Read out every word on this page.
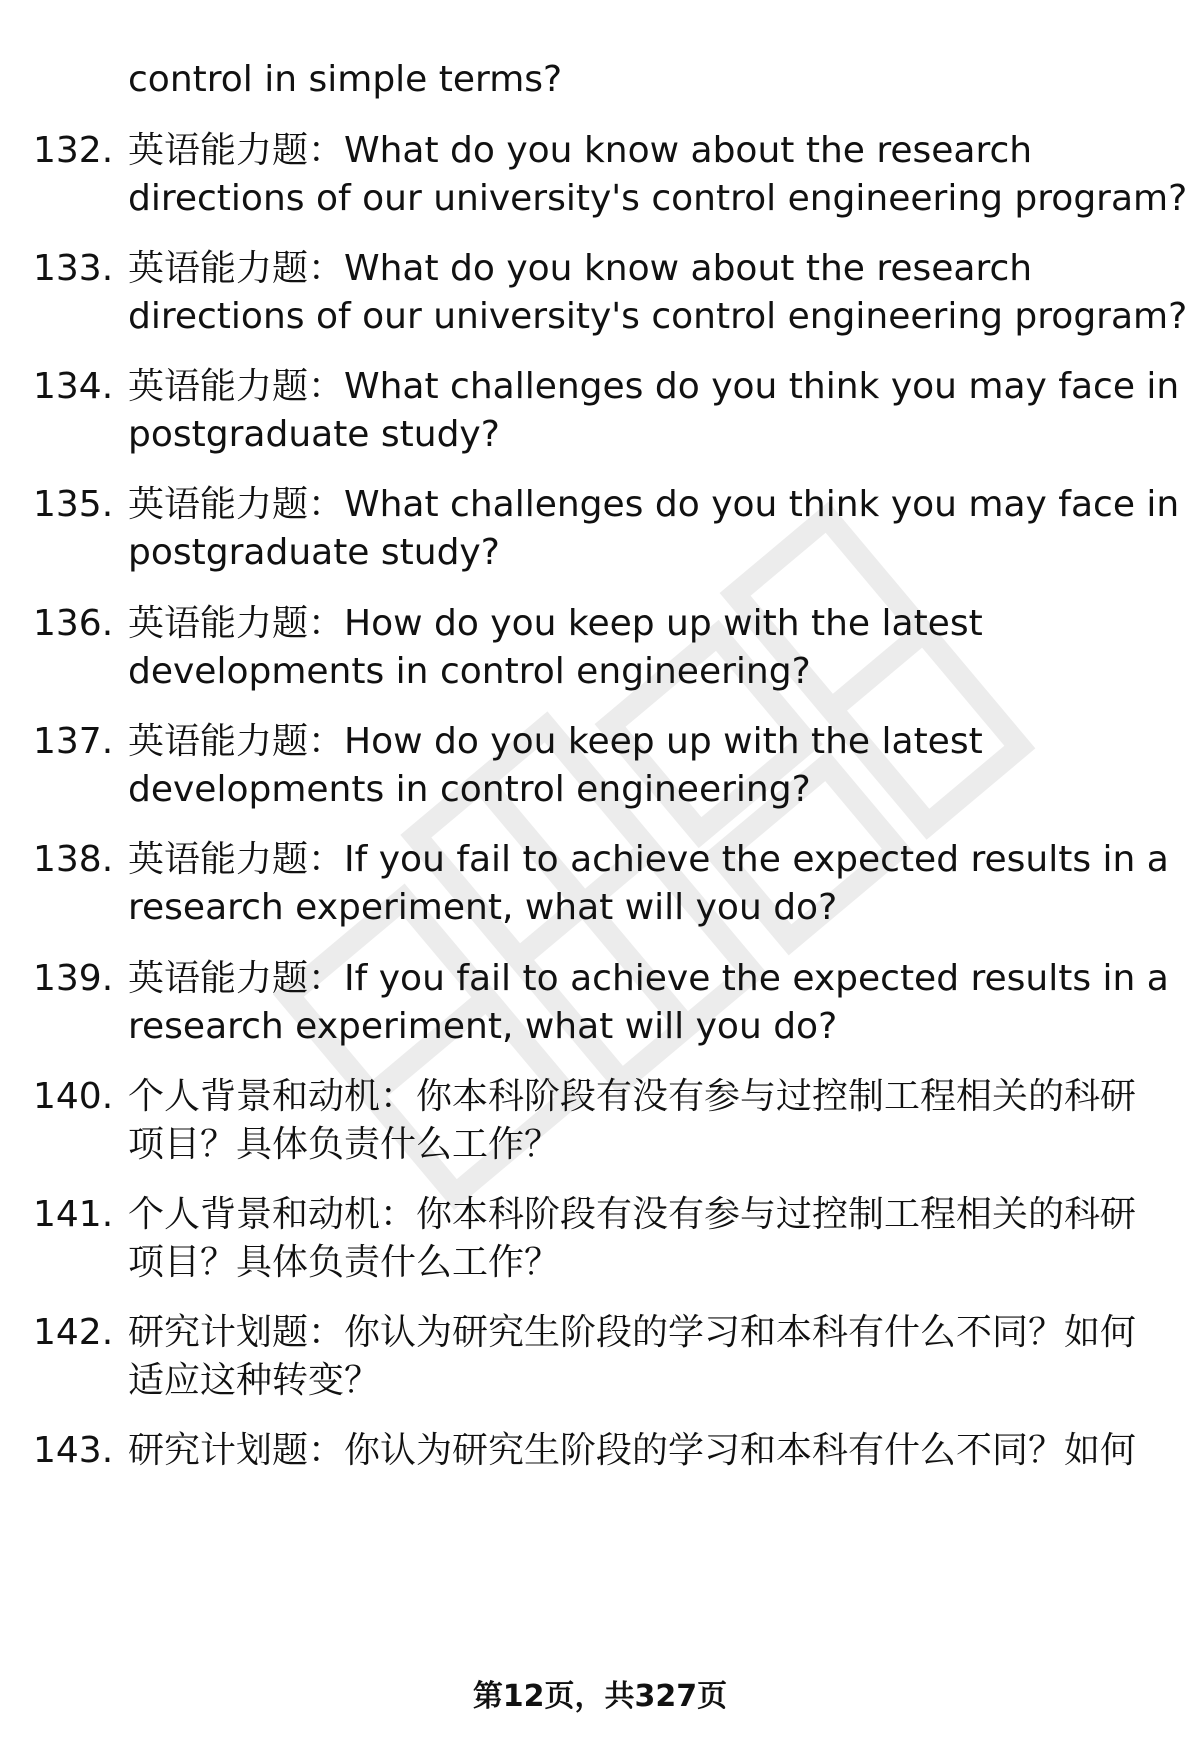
control in simple terms?
132. 英语能力题：What do you know about the research
directions of our university's control engineering program?
133. 英语能力题：What do you know about the research
directions of our university's control engineering program?
134. 英语能力题：What challenges do you think you may face in
postgraduate study?
135. 英语能力题：What challenges do you think you may face in
postgraduate study?
136. 英语能力题：How do you keep up with the latest
developments in control engineering?
137. 英语能力题：How do you keep up with the latest
developments in control engineering?
138. 英语能力题：If you fail to achieve the expected results in a
research experiment, what will you do?
139. 英语能力题：If you fail to achieve the expected results in a
research experiment, what will you do?
140. 个人背景和动机：你本科阶段有没有参与过控制工程相关的科研
项目？具体负责什么工作？
141. 个人背景和动机：你本科阶段有没有参与过控制工程相关的科研
项目？具体负责什么工作？
142. 研究计划题：你认为研究生阶段的学习和本科有什么不同？如何
适应这种转变？
143. 研究计划题：你认为研究生阶段的学习和本科有什么不同？如何
第12页，共327页
